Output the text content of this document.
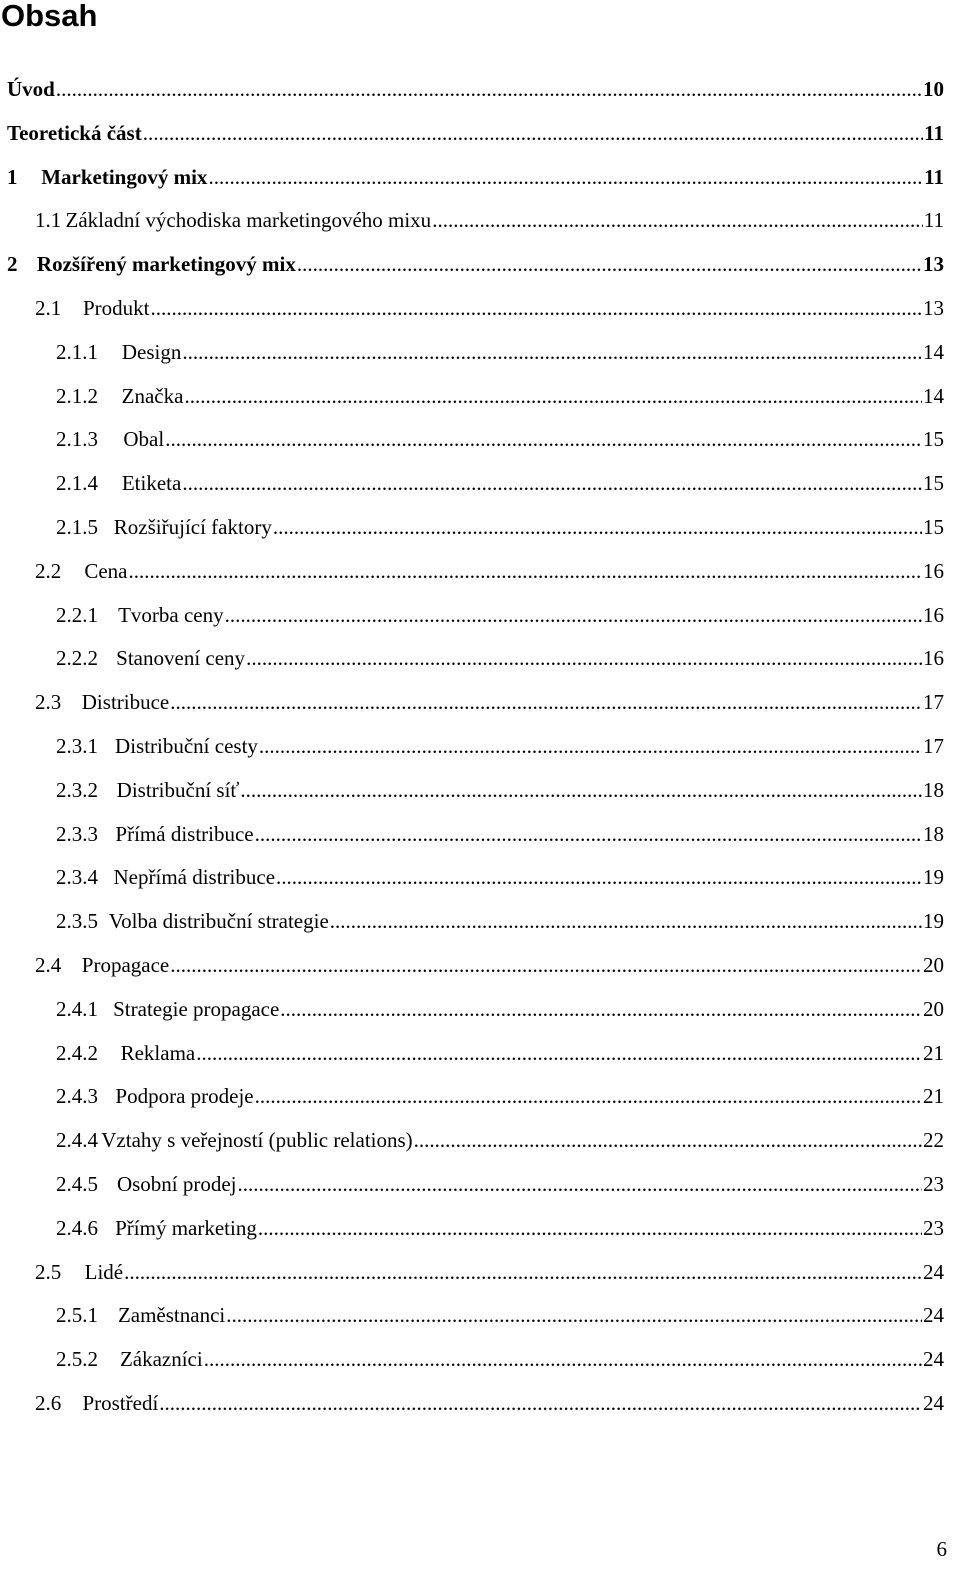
Obsah
Úvod .....	10
Teoretická část .....	11
1	Marketingový mix .....	11
1.1 Základní východiska marketingového mixu .....	11
2 Rozšířený marketingový mix .....	13
2.1	Produkt .....	13
2.1.1	Design .....	14
2.1.2	Značka .....	14
2.1.3	Obal .....	15
2.1.4	Etiketa .....	15
2.1.5 Rozšiřující faktory .....	15
2.2	Cena .....	16
2.2.1 Tvorba ceny .....	16
2.2.2 Stanovení ceny .....	16
2.3 Distribuce .....	17
2.3.1 Distribuční cesty .....	17
2.3.2 Distribuční síť .....	18
2.3.3 Přímá distribuce .....	18
2.3.4 Nepřímá distribuce .....	19
2.3.5 Volba distribuční strategie .....	19
2.4 Propagace .....	20
2.4.1 Strategie propagace .....	20
2.4.2	Reklama .....	21
2.4.3 Podpora prodeje .....	21
2.4.4 Vztahy s veřejností (public relations) .....	22
2.4.5 Osobní prodej .....	23
2.4.6 Přímý marketing .....	23
2.5	Lidé .....	24
2.5.1 Zaměstnanci .....	24
2.5.2	Zákazníci .....	24
2.6	Prostředí .....	24
6
